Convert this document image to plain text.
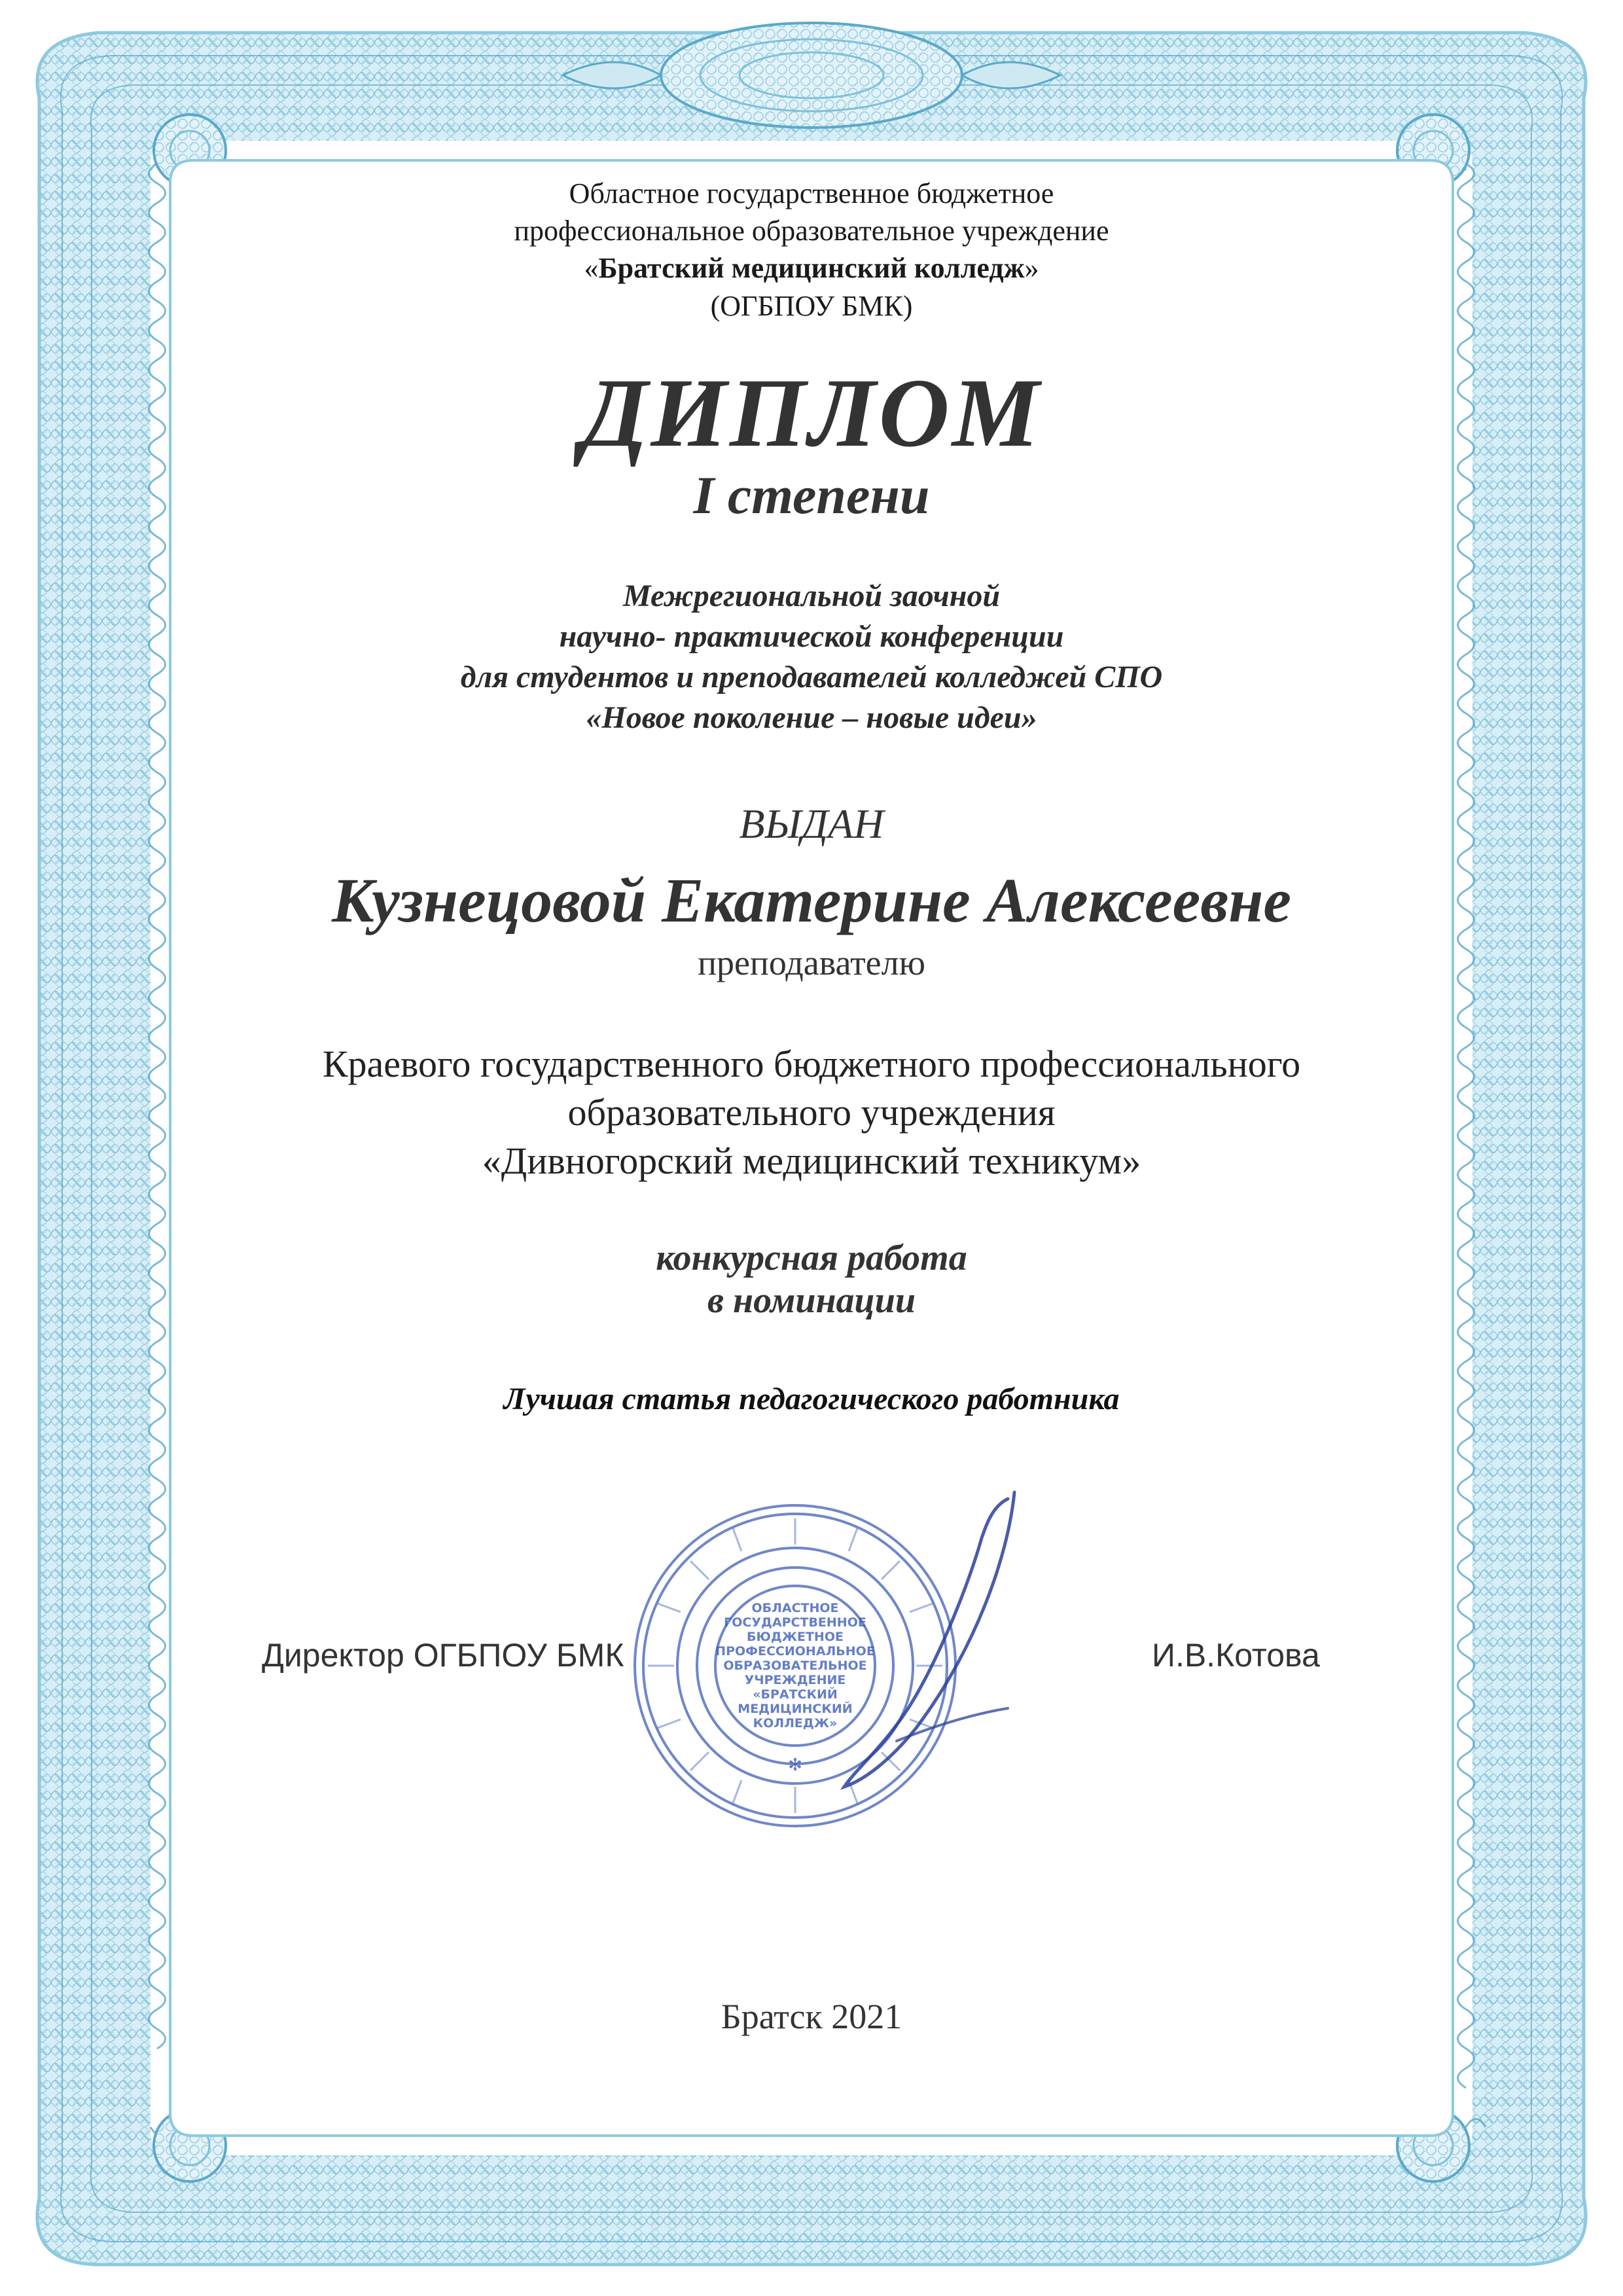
Областное государственное бюджетное
профессиональное образовательное учреждение
«Братский медицинский колледж»
(ОГБПОУ БМК)
ДИПЛОМ
I степени
Межрегиональной заочной
научно- практической конференции
для студентов и преподавателей колледжей СПО
«Новое поколение – новые идеи»
ВЫДАН
Кузнецовой Екатерине Алексеевне
преподавателю
Краевого государственного бюджетного профессионального
образовательного учреждения
«Дивногорский медицинский техникум»
конкурсная работа
в номинации
Лучшая статья педагогического работника
Директор ОГБПОУ БМК	И.В.Котова
ОБЛАСТНОЕ
ГОСУДАРСТВЕННОЕ
БЮДЖЕТНОЕ
ПРОФЕССИОНАЛЬНОЕ
ОБРАЗОВАТЕЛЬНОЕ
УЧРЕЖДЕНИЕ
«БРАТСКИЙ
МЕДИЦИНСКИЙ
КОЛЛЕДЖ»
✻
Братск 2021
